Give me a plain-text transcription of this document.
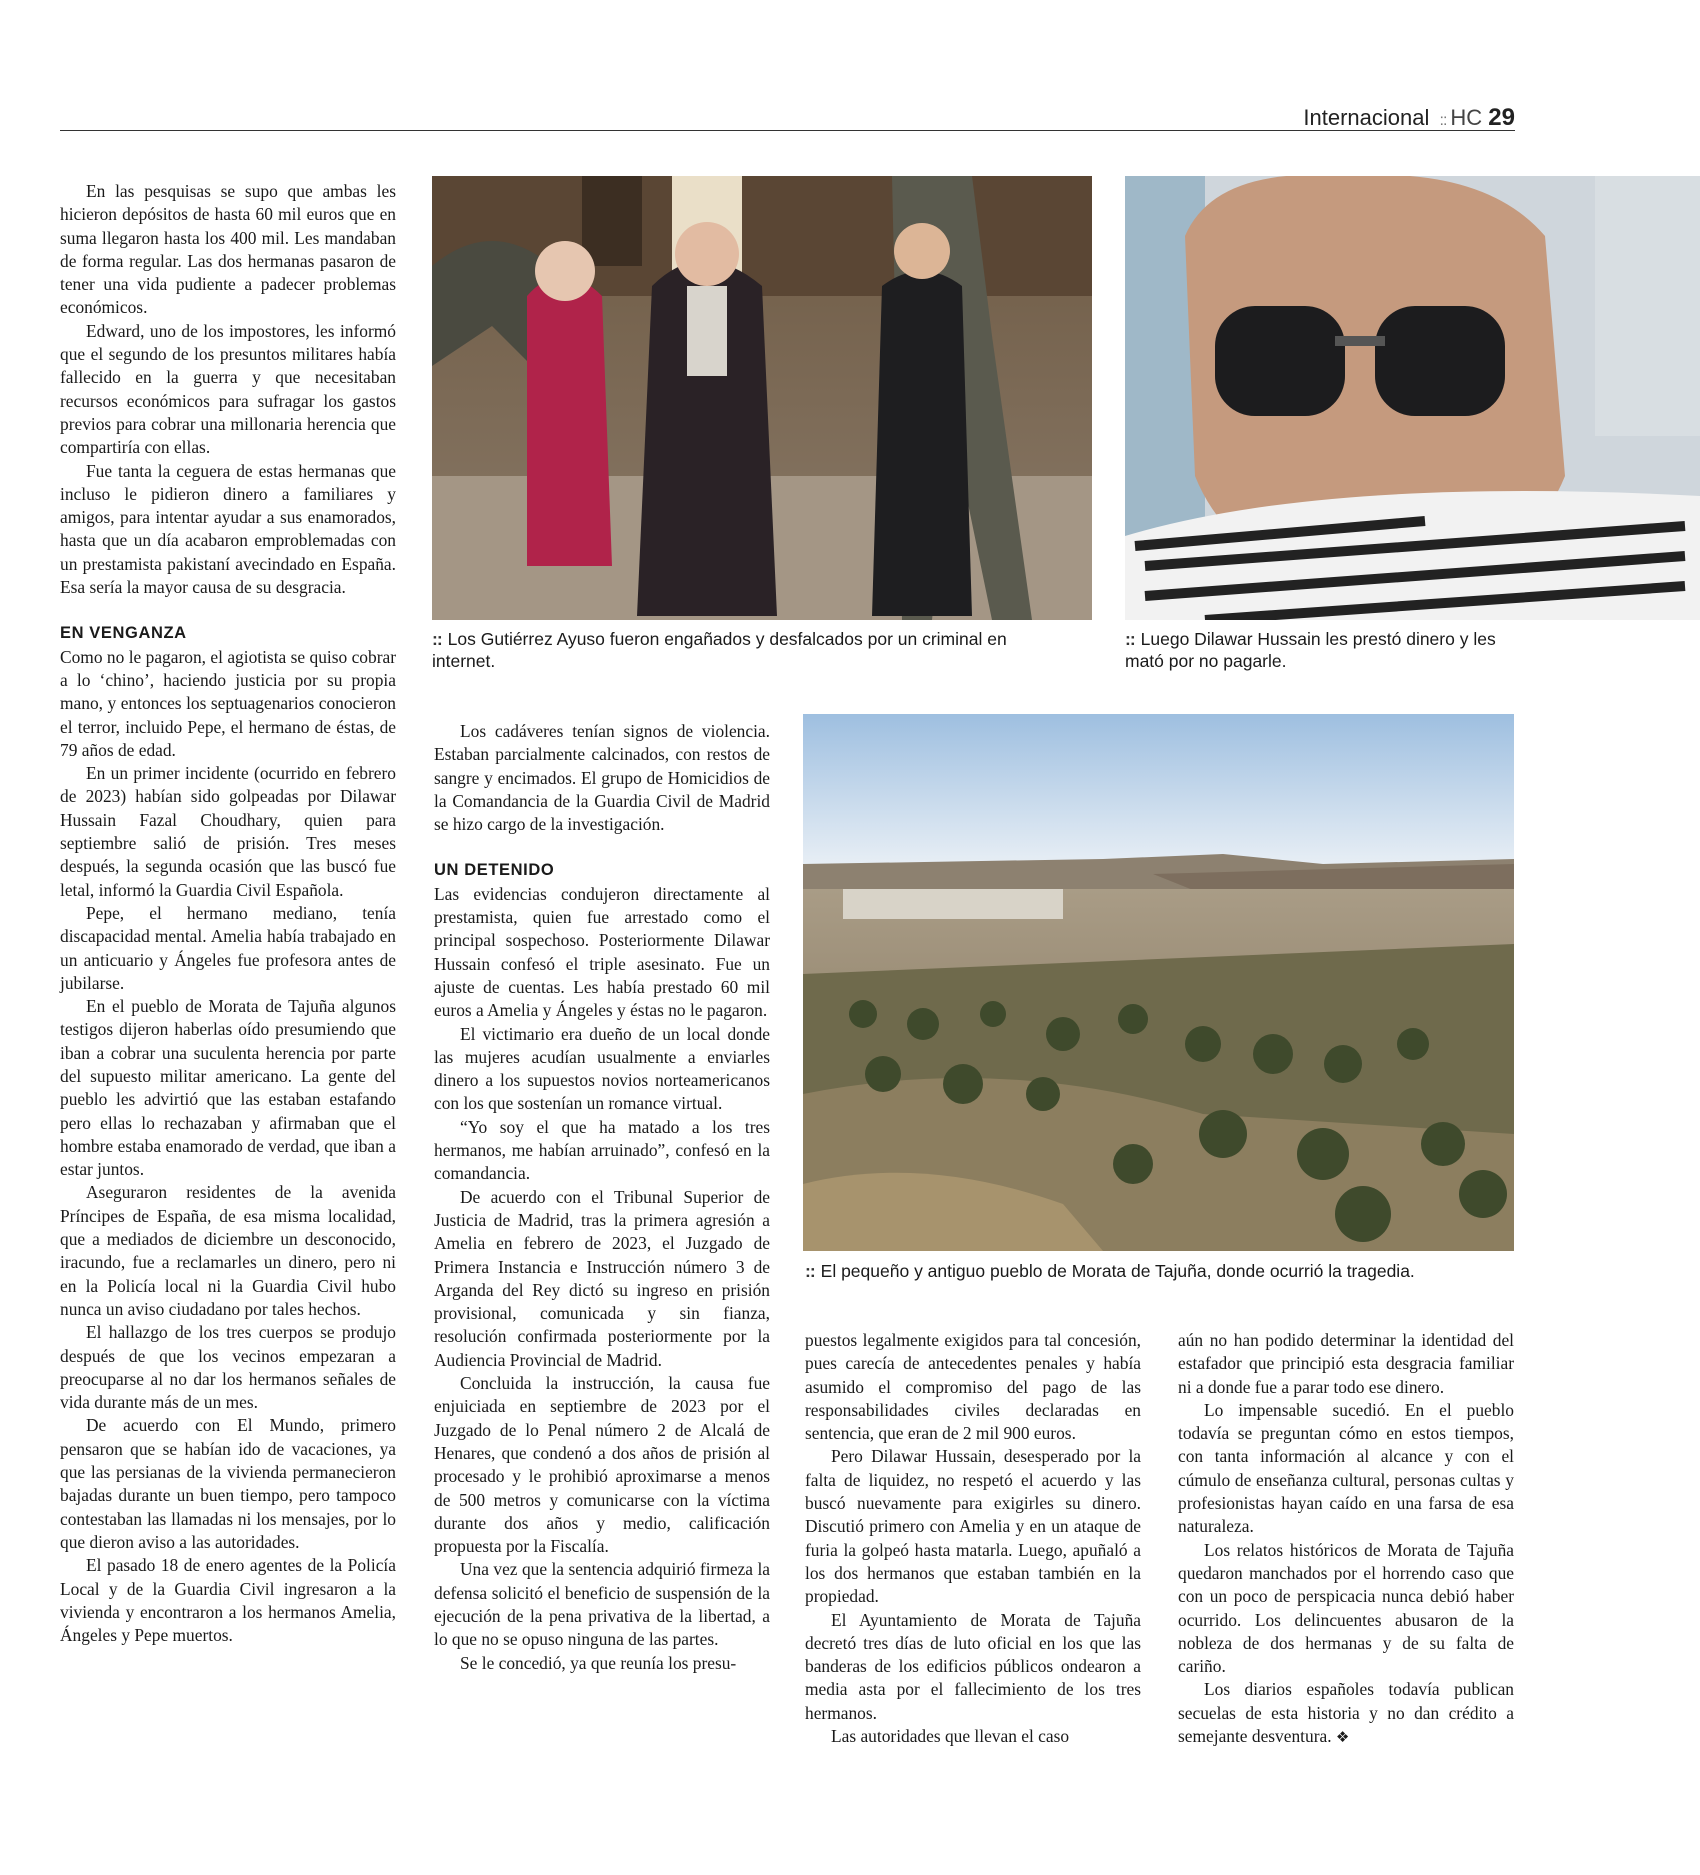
Internacional :: HC 29

En las pesquisas se supo que ambas les hicieron depósitos de hasta 60 mil euros que en suma llegaron hasta los 400 mil. Les mandaban de forma regular. Las dos hermanas pasaron de tener una vida pudiente a padecer problemas económicos.

Edward, uno de los impostores, les informó que el segundo de los presuntos militares había fallecido en la guerra y que necesitaban recursos económicos para sufragar los gastos previos para cobrar una millonaria herencia que compartiría con ellas.

Fue tanta la ceguera de estas hermanas que incluso le pidieron dinero a familiares y amigos, para intentar ayudar a sus enamorados, hasta que un día acabaron emproblemadas con un prestamista pakistaní avecindado en España. Esa sería la mayor causa de su desgracia.

EN VENGANZA

Como no le pagaron, el agiotista se quiso cobrar a lo ‘chino’, haciendo justicia por su propia mano, y entonces los septuagenarios conocieron el terror, incluido Pepe, el hermano de éstas, de 79 años de edad.

En un primer incidente (ocurrido en febrero de 2023) habían sido golpeadas por Dilawar Hussain Fazal Choudhary, quien para septiembre salió de prisión. Tres meses después, la segunda ocasión que las buscó fue letal, informó la Guardia Civil Española.

Pepe, el hermano mediano, tenía discapacidad mental. Amelia había trabajado en un anticuario y Ángeles fue profesora antes de jubilarse.

En el pueblo de Morata de Tajuña algunos testigos dijeron haberlas oído presumiendo que iban a cobrar una suculenta herencia por parte del supuesto militar americano. La gente del pueblo les advirtió que las estaban estafando pero ellas lo rechazaban y afirmaban que el hombre estaba enamorado de verdad, que iban a estar juntos.

Aseguraron residentes de la avenida Príncipes de España, de esa misma localidad, que a mediados de diciembre un desconocido, iracundo, fue a reclamarles un dinero, pero ni en la Policía local ni la Guardia Civil hubo nunca un aviso ciudadano por tales hechos.

El hallazgo de los tres cuerpos se produjo después de que los vecinos empezaran a preocuparse al no dar los hermanos señales de vida durante más de un mes.

De acuerdo con El Mundo, primero pensaron que se habían ido de vacaciones, ya que las persianas de la vivienda permanecieron bajadas durante un buen tiempo, pero tampoco contestaban las llamadas ni los mensajes, por lo que dieron aviso a las autoridades.

El pasado 18 de enero agentes de la Policía Local y de la Guardia Civil ingresaron a la vivienda y encontraron a los hermanos Amelia, Ángeles y Pepe muertos.

:: Los Gutiérrez Ayuso fueron engañados y desfalcados por un criminal en internet.
:: Luego Dilawar Hussain les prestó dinero y les mató por no pagarle.

Los cadáveres tenían signos de violencia. Estaban parcialmente calcinados, con restos de sangre y encimados. El grupo de Homicidios de la Comandancia de la Guardia Civil de Madrid se hizo cargo de la investigación.

UN DETENIDO

Las evidencias condujeron directamente al prestamista, quien fue arrestado como el principal sospechoso. Posteriormente Dilawar Hussain confesó el triple asesinato. Fue un ajuste de cuentas. Les había prestado 60 mil euros a Amelia y Ángeles y éstas no le pagaron.

El victimario era dueño de un local donde las mujeres acudían usualmente a enviarles dinero a los supuestos novios norteamericanos con los que sostenían un romance virtual.

“Yo soy el que ha matado a los tres hermanos, me habían arruinado”, confesó en la comandancia.

De acuerdo con el Tribunal Superior de Justicia de Madrid, tras la primera agresión a Amelia en febrero de 2023, el Juzgado de Primera Instancia e Instrucción número 3 de Arganda del Rey dictó su ingreso en prisión provisional, comunicada y sin fianza, resolución confirmada posteriormente por la Audiencia Provincial de Madrid.

Concluida la instrucción, la causa fue enjuiciada en septiembre de 2023 por el Juzgado de lo Penal número 2 de Alcalá de Henares, que condenó a dos años de prisión al procesado y le prohibió aproximarse a menos de 500 metros y comunicarse con la víctima durante dos años y medio, calificación propuesta por la Fiscalía.

Una vez que la sentencia adquirió firmeza la defensa solicitó el beneficio de suspensión de la ejecución de la pena privativa de la libertad, a lo que no se opuso ninguna de las partes.

Se le concedió, ya que reunía los presu-

:: El pequeño y antiguo pueblo de Morata de Tajuña, donde ocurrió la tragedia.

puestos legalmente exigidos para tal concesión, pues carecía de antecedentes penales y había asumido el compromiso del pago de las responsabilidades civiles declaradas en sentencia, que eran de 2 mil 900 euros.

Pero Dilawar Hussain, desesperado por la falta de liquidez, no respetó el acuerdo y las buscó nuevamente para exigirles su dinero. Discutió primero con Amelia y en un ataque de furia la golpeó hasta matarla. Luego, apuñaló a los dos hermanos que estaban también en la propiedad.

El Ayuntamiento de Morata de Tajuña decretó tres días de luto oficial en los que las banderas de los edificios públicos ondearon a media asta por el fallecimiento de los tres hermanos.

Las autoridades que llevan el caso

aún no han podido determinar la identidad del estafador que principió esta desgracia familiar ni a donde fue a parar todo ese dinero.

Lo impensable sucedió. En el pueblo todavía se preguntan cómo en estos tiempos, con tanta información al alcance y con el cúmulo de enseñanza cultural, personas cultas y profesionistas hayan caído en una farsa de esa naturaleza.

Los relatos históricos de Morata de Tajuña quedaron manchados por el horrendo caso que con un poco de perspicacia nunca debió haber ocurrido. Los delincuentes abusaron de la nobleza de dos hermanas y de su falta de cariño.

Los diarios españoles todavía publican secuelas de esta historia y no dan crédito a semejante desventura. ❖
